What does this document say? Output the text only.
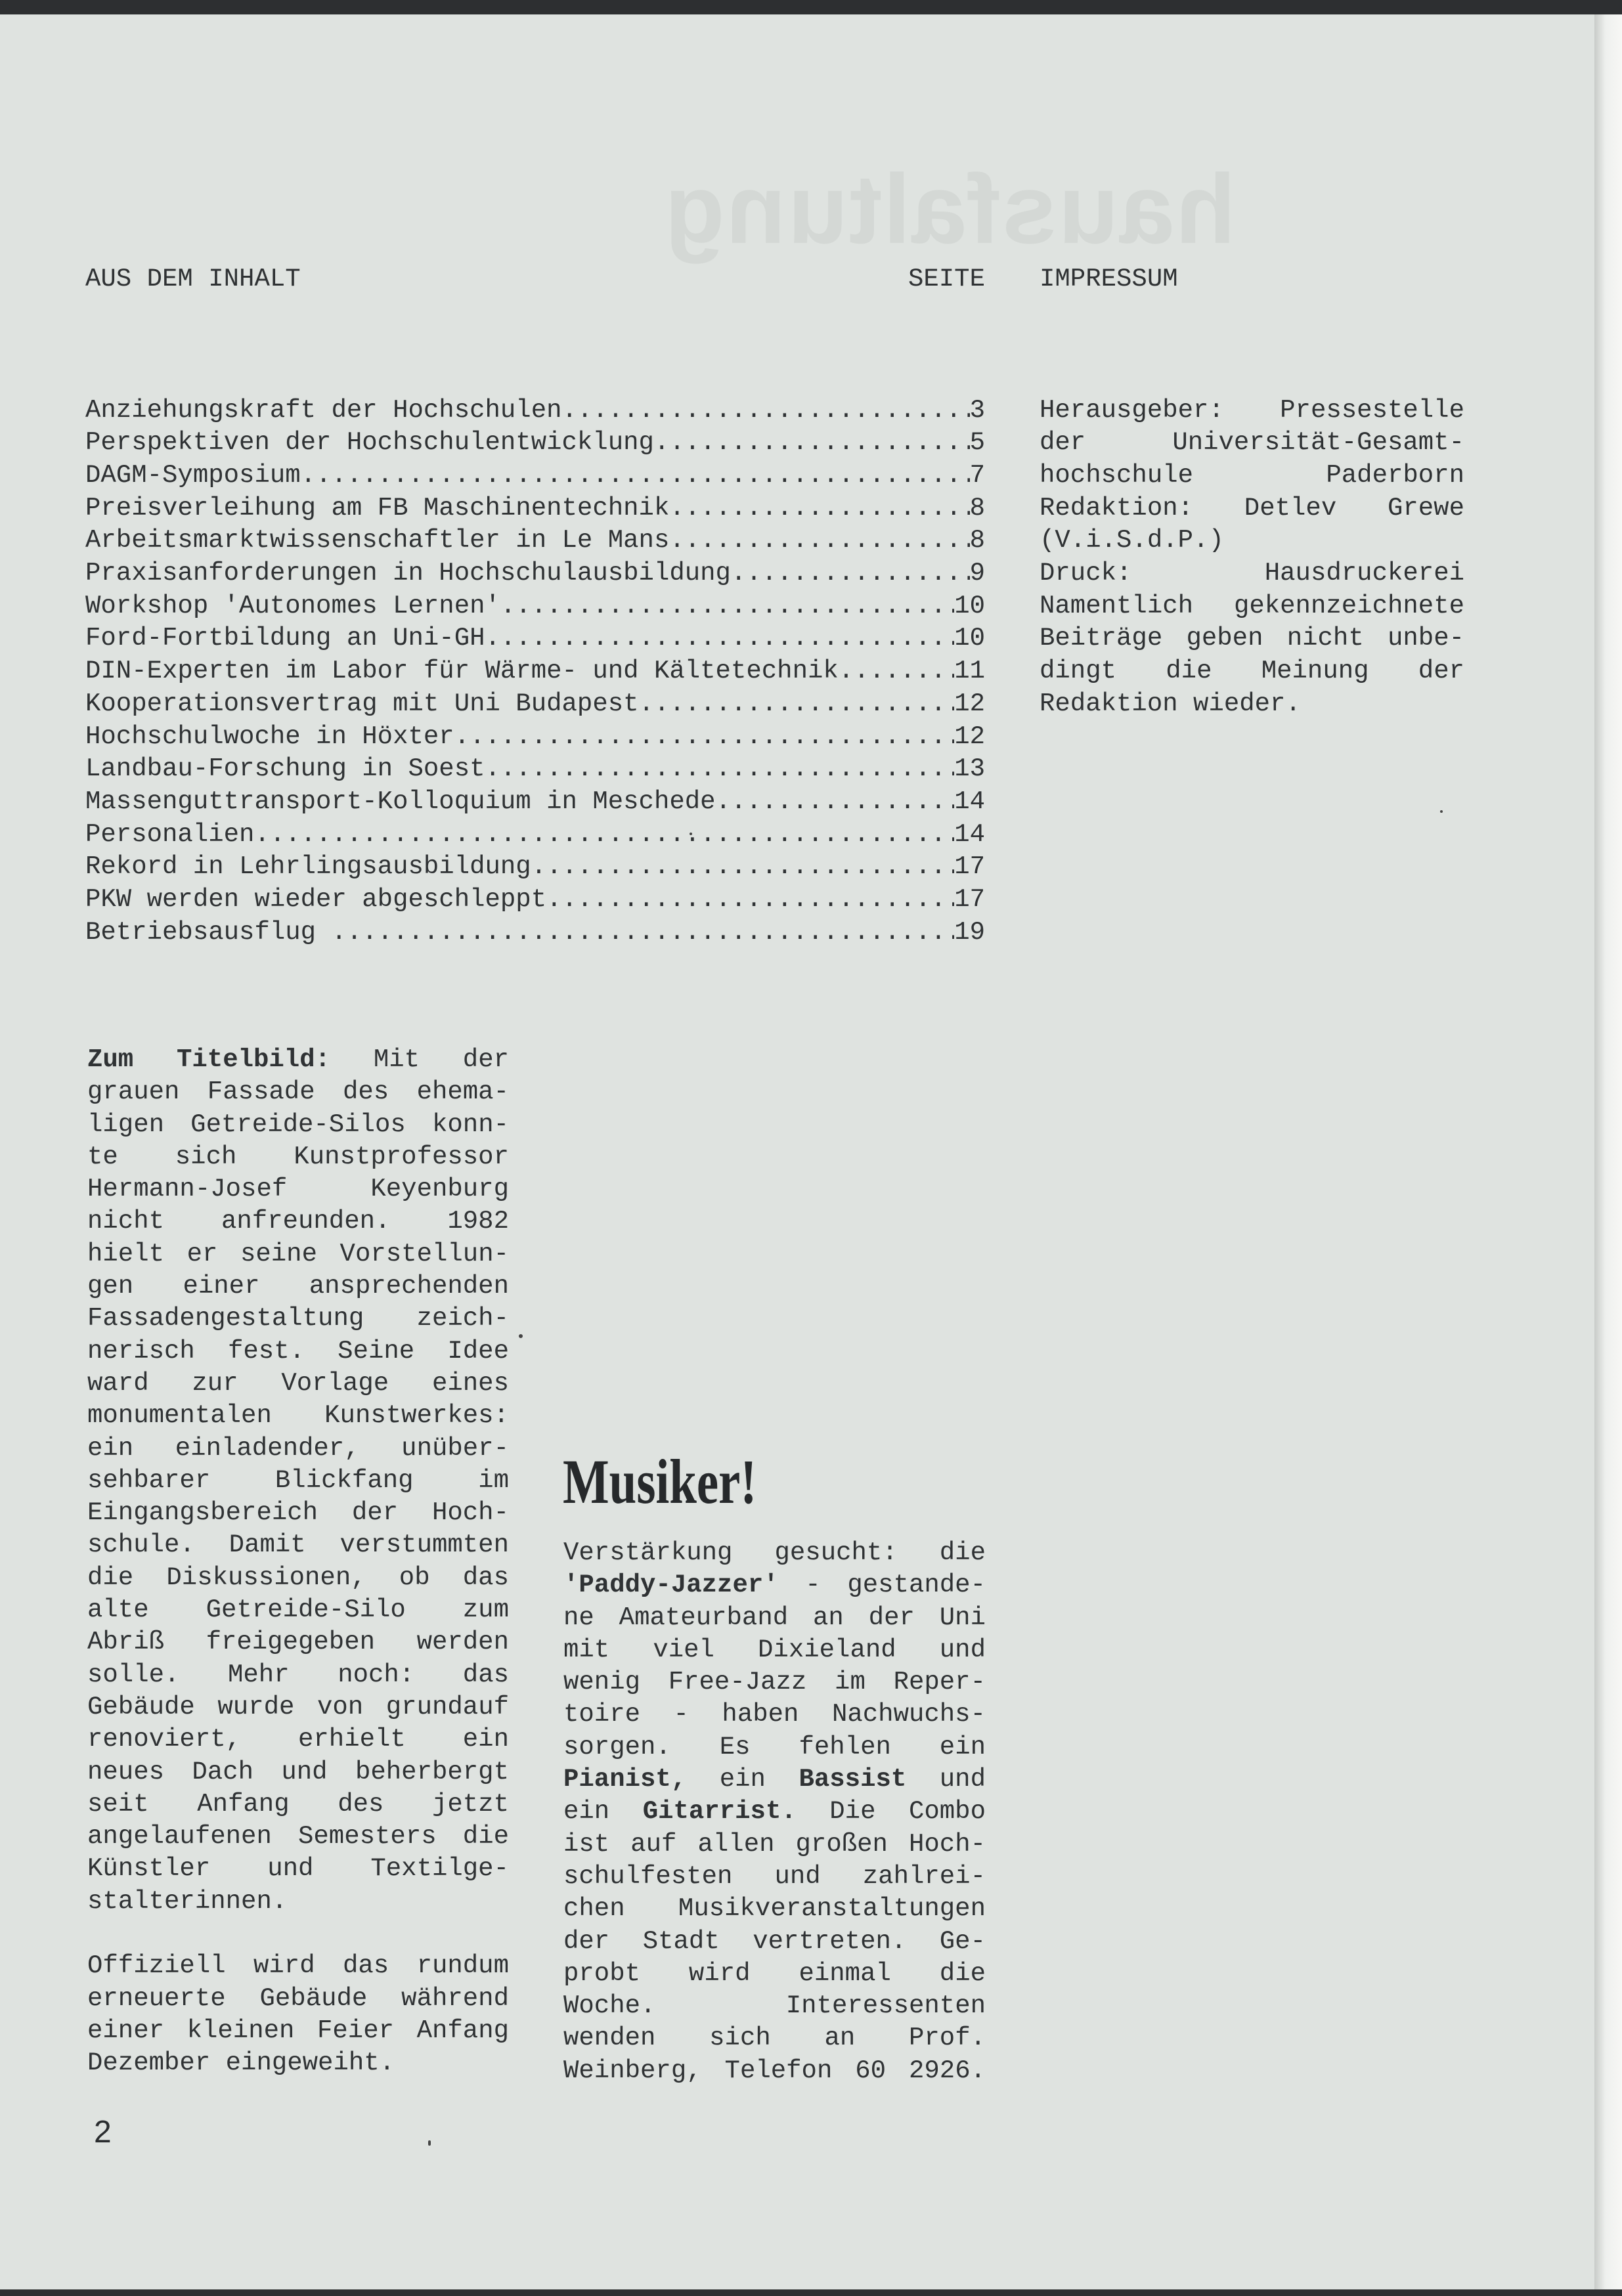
hausfaltung

AUS DEM INHALT	SEITE

Anziehungskraft der Hochschulen .....	3
Perspektiven der Hochschulentwicklung .....	5
DAGM-Symposium .....	7
Preisverleihung am FB Maschinentechnik .....	8
Arbeitsmarktwissenschaftler in Le Mans .....	8
Praxisanforderungen in Hochschulausbildung .....	9
Workshop 'Autonomes Lernen' .....	10
Ford-Fortbildung an Uni-GH .....	10
DIN-Experten im Labor für Wärme- und Kältetechnik .....	11
Kooperationsvertrag mit Uni Budapest .....	12
Hochschulwoche in Höxter .....	12
Landbau-Forschung in Soest .....	13
Massenguttransport-Kolloquium in Meschede .....	14
Personalien .....	14
Rekord in Lehrlingsausbildung .....	17
PKW werden wieder abgeschleppt .....	17
Betriebsausflug .....	19

IMPRESSUM

Herausgeber: Pressestelle
der Universität-Gesamt-
hochschule Paderborn
Redaktion: Detlev Grewe
(V.i.S.d.P.)
Druck: Hausdruckerei
Namentlich gekennzeichnete
Beiträge geben nicht unbe-
dingt die Meinung der
Redaktion wieder.

Zum Titelbild: Mit der
grauen Fassade des ehema-
ligen Getreide-Silos konn-
te sich Kunstprofessor
Hermann-Josef Keyenburg
nicht anfreunden. 1982
hielt er seine Vorstellun-
gen einer ansprechenden
Fassadengestaltung zeich-
nerisch fest. Seine Idee
ward zur Vorlage eines
monumentalen Kunstwerkes:
ein einladender, unüber-
sehbarer Blickfang im
Eingangsbereich der Hoch-
schule. Damit verstummten
die Diskussionen, ob das
alte Getreide-Silo zum
Abriß freigegeben werden
solle. Mehr noch: das
Gebäude wurde von grundauf
renoviert, erhielt ein
neues Dach und beherbergt
seit Anfang des jetzt
angelaufenen Semesters die
Künstler und Textilge-
stalterinnen.
Offiziell wird das rundum
erneuerte Gebäude während
einer kleinen Feier Anfang
Dezember eingeweiht.
Musiker!
Verstärkung gesucht: die
'Paddy-Jazzer' - gestande-
ne Amateurband an der Uni
mit viel Dixieland und
wenig Free-Jazz im Reper-
toire - haben Nachwuchs-
sorgen. Es fehlen ein
Pianist, ein Bassist und
ein Gitarrist. Die Combo
ist auf allen großen Hoch-
schulfesten und zahlrei-
chen Musikveranstaltungen
der Stadt vertreten. Ge-
probt wird einmal die
Woche. Interessenten
wenden sich an Prof.
Weinberg, Telefon 60 2926.
2
